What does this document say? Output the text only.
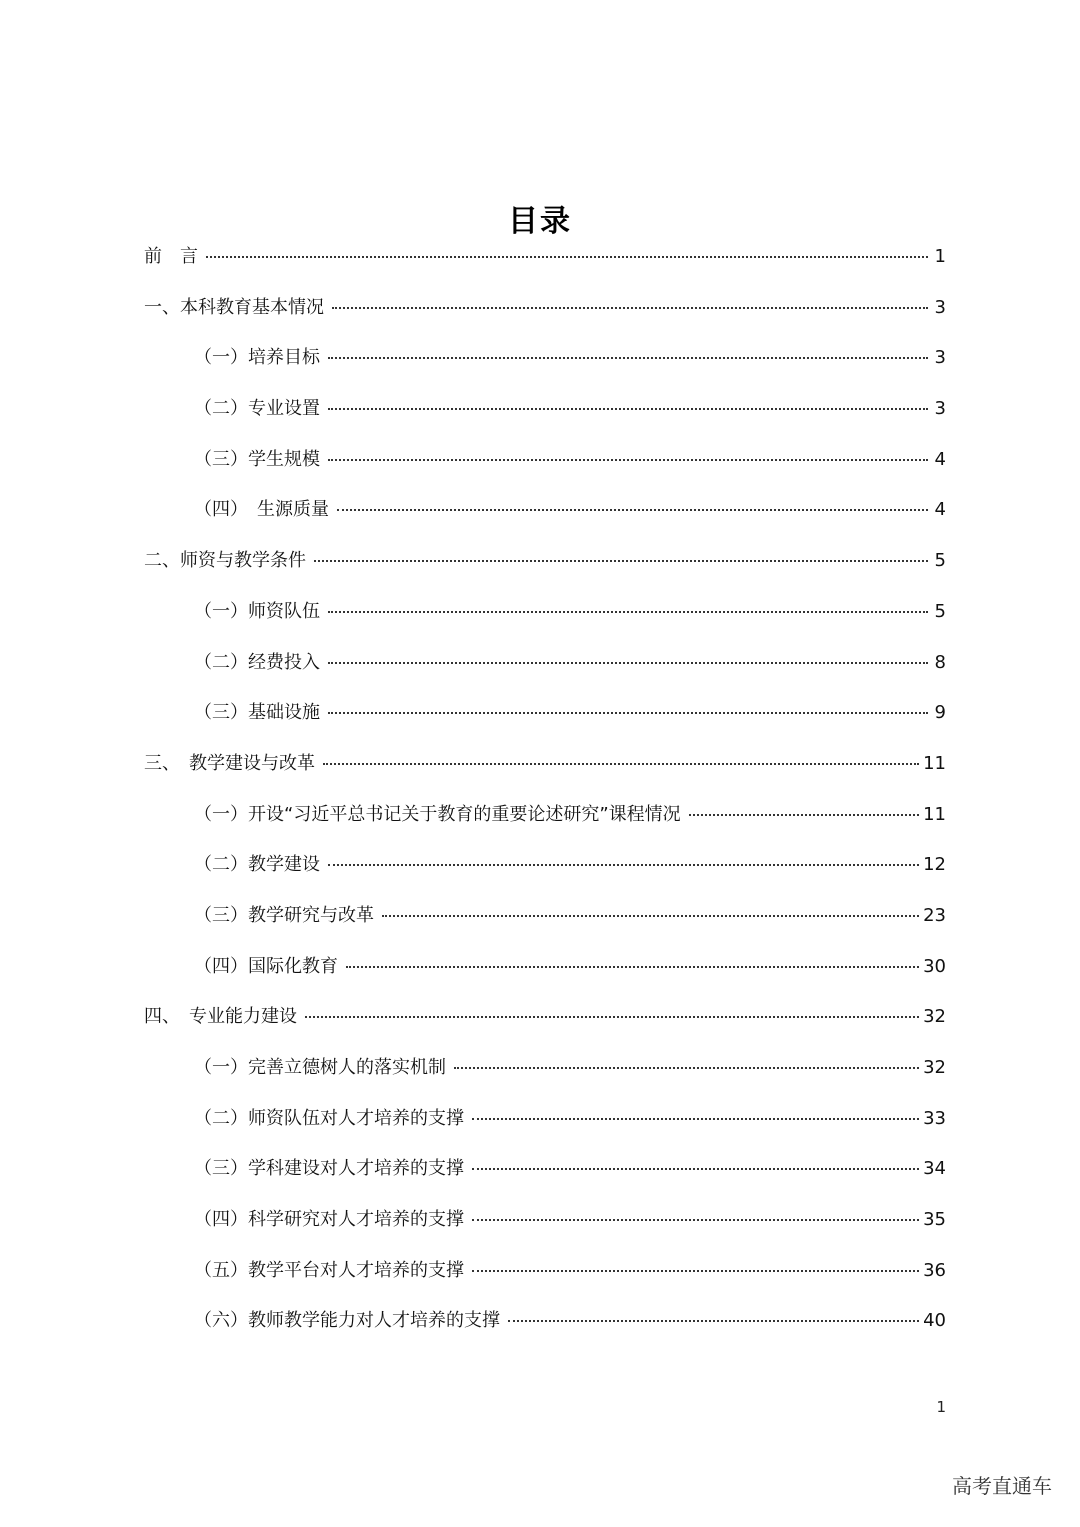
目录
前　言	1
一、本科教育基本情况	3
（一）培养目标	3
（二）专业设置	3
（三）学生规模	4
（四）　生源质量	4
二、师资与教学条件	5
（一）师资队伍	5
（二）经费投入	8
（三）基础设施	9
三、　教学建设与改革	11
（一）开设“习近平总书记关于教育的重要论述研究”课程情况	11
（二）教学建设	12
（三）教学研究与改革	23
（四）国际化教育	30
四、　专业能力建设	32
（一）完善立德树人的落实机制	32
（二）师资队伍对人才培养的支撑	33
（三）学科建设对人才培养的支撑	34
（四）科学研究对人才培养的支撑	35
（五）教学平台对人才培养的支撑	36
（六）教师教学能力对人才培养的支撑	40
1
高考直通车
